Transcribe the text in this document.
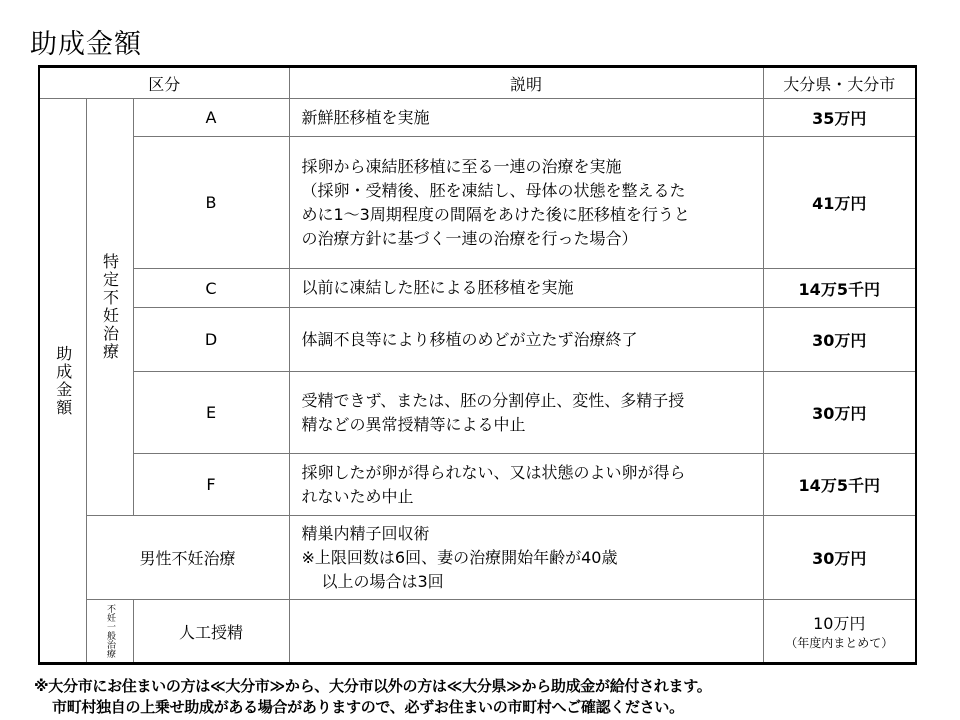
助成金額
区分			説明	大分県・大分市

助成金額	特定不妊治療	A	新鮮胚移植を実施	35万円
		B	採卵から凍結胚移植に至る一連の治療を実施
（採卵・受精後、胚を凍結し、母体の状態を整えるた
めに1～3周期程度の間隔をあけた後に胚移植を行うと
の治療方針に基づく一連の治療を行った場合）	41万円
		C	以前に凍結した胚による胚移植を実施	14万5千円
		D	体調不良等により移植のめどが立たず治療終了	30万円
		E	受精できず、または、胚の分割停止、変性、多精子授
精などの異常授精等による中止	30万円
		F	採卵したが卵が得られない、又は状態のよい卵が得ら
れないため中止	14万5千円
	男性不妊治療		精巣内精子回収術
※上限回数は6回、妻の治療開始年齢が40歳
以上の場合は3回	30万円

	不妊一般治療	人工授精		10万円
（年度内まとめて）
※大分市にお住まいの方は≪大分市≫から、大分市以外の方は≪大分県≫から助成金が給付されます。
市町村独自の上乗せ助成がある場合がありますので、必ずお住まいの市町村へご確認ください。
